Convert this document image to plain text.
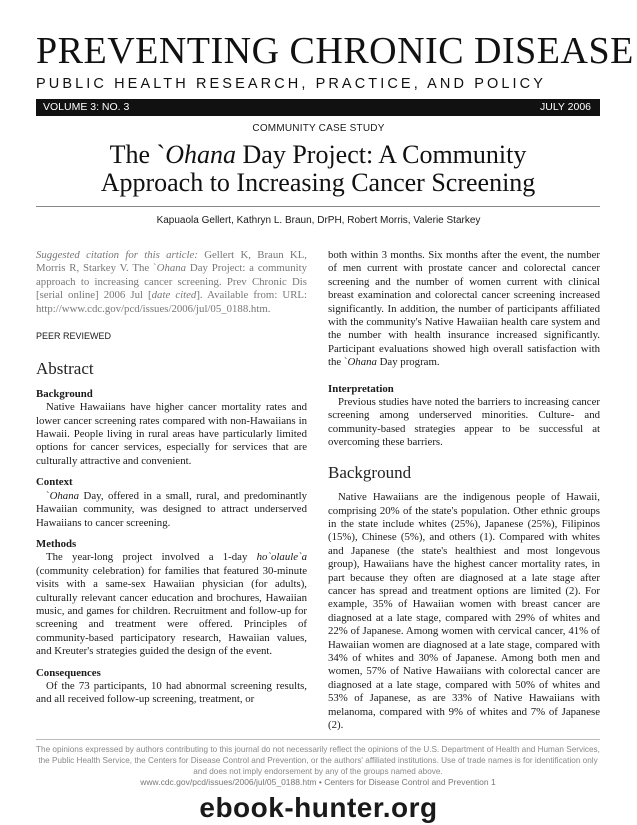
PREVENTING CHRONIC DISEASE
PUBLIC HEALTH RESEARCH, PRACTICE, AND POLICY
VOLUME 3: NO. 3	JULY 2006
COMMUNITY CASE STUDY
The `Ohana Day Project: A Community
Approach to Increasing Cancer Screening
Kapuaola Gellert, Kathryn L. Braun, DrPH, Robert Morris, Valerie Starkey

Suggested citation for this article: Gellert K, Braun KL, Morris R, Starkey V. The `Ohana Day Project: a community approach to increasing cancer screening. Prev Chronic Dis [serial online] 2006 Jul [date cited]. Available from: URL: http://www.cdc.gov/pcd/issues/2006/jul/05_0188.htm.

PEER REVIEWED
Abstract
Background

Native Hawaiians have higher cancer mortality rates and lower cancer screening rates compared with non-Hawaiians in Hawaii. People living in rural areas have particularly limited options for cancer services, especially for services that are culturally attractive and convenient.

Context

`Ohana Day, offered in a small, rural, and predominantly Hawaiian community, was designed to attract underserved Hawaiians to cancer screening.

Methods

The year-long project involved a 1-day ho`olaule`a (community celebration) for families that featured 30-minute visits with a same-sex Hawaiian physician (for adults), culturally relevant cancer education and brochures, Hawaiian music, and games for children. Recruitment and follow-up for screening and treatment were offered. Principles of community-based participatory research, Hawaiian values, and Kreuter's strategies guided the design of the event.

Consequences

Of the 73 participants, 10 had abnormal screening results, and all received follow-up screening, treatment, or

both within 3 months. Six months after the event, the number of men current with prostate cancer and colorectal cancer screening and the number of women current with clinical breast examination and colorectal cancer screening increased significantly. In addition, the number of participants affiliated with the community's Native Hawaiian health care system and the number with health insurance increased significantly. Participant evaluations showed high overall satisfaction with the `Ohana Day program.

Interpretation

Previous studies have noted the barriers to increasing cancer screening among underserved minorities. Culture- and community-based strategies appear to be successful at overcoming these barriers.

Background

Native Hawaiians are the indigenous people of Hawaii, comprising 20% of the state's population. Other ethnic groups in the state include whites (25%), Japanese (25%), Filipinos (15%), Chinese (5%), and others (1). Compared with whites and Japanese (the state's healthiest and most longevous group), Hawaiians have the highest cancer mortality rates, in part because they often are diagnosed at a late stage after cancer has spread and treatment options are limited (2). For example, 35% of Hawaiian women with breast cancer are diagnosed at a late stage, compared with 29% of whites and 22% of Japanese. Among women with cervical cancer, 41% of Hawaiian women are diagnosed at a late stage, compared with 34% of whites and 30% of Japanese. Among both men and women, 57% of Native Hawaiians with colorectal cancer are diagnosed at a late stage, compared with 50% of whites and 53% of Japanese, as are 33% of Native Hawaiians with melanoma, compared with 9% of whites and 7% of Japanese (2).

The opinions expressed by authors contributing to this journal do not necessarily reflect the opinions of the U.S. Department of Health and Human Services, the Public Health Service, the Centers for Disease Control and Prevention, or the authors' affiliated institutions. Use of trade names is for identification only and does not imply endorsement by any of the groups named above.
www.cdc.gov/pcd/issues/2006/jul/05_0188.htm • Centers for Disease Control and Prevention 1
ebook-hunter.org
